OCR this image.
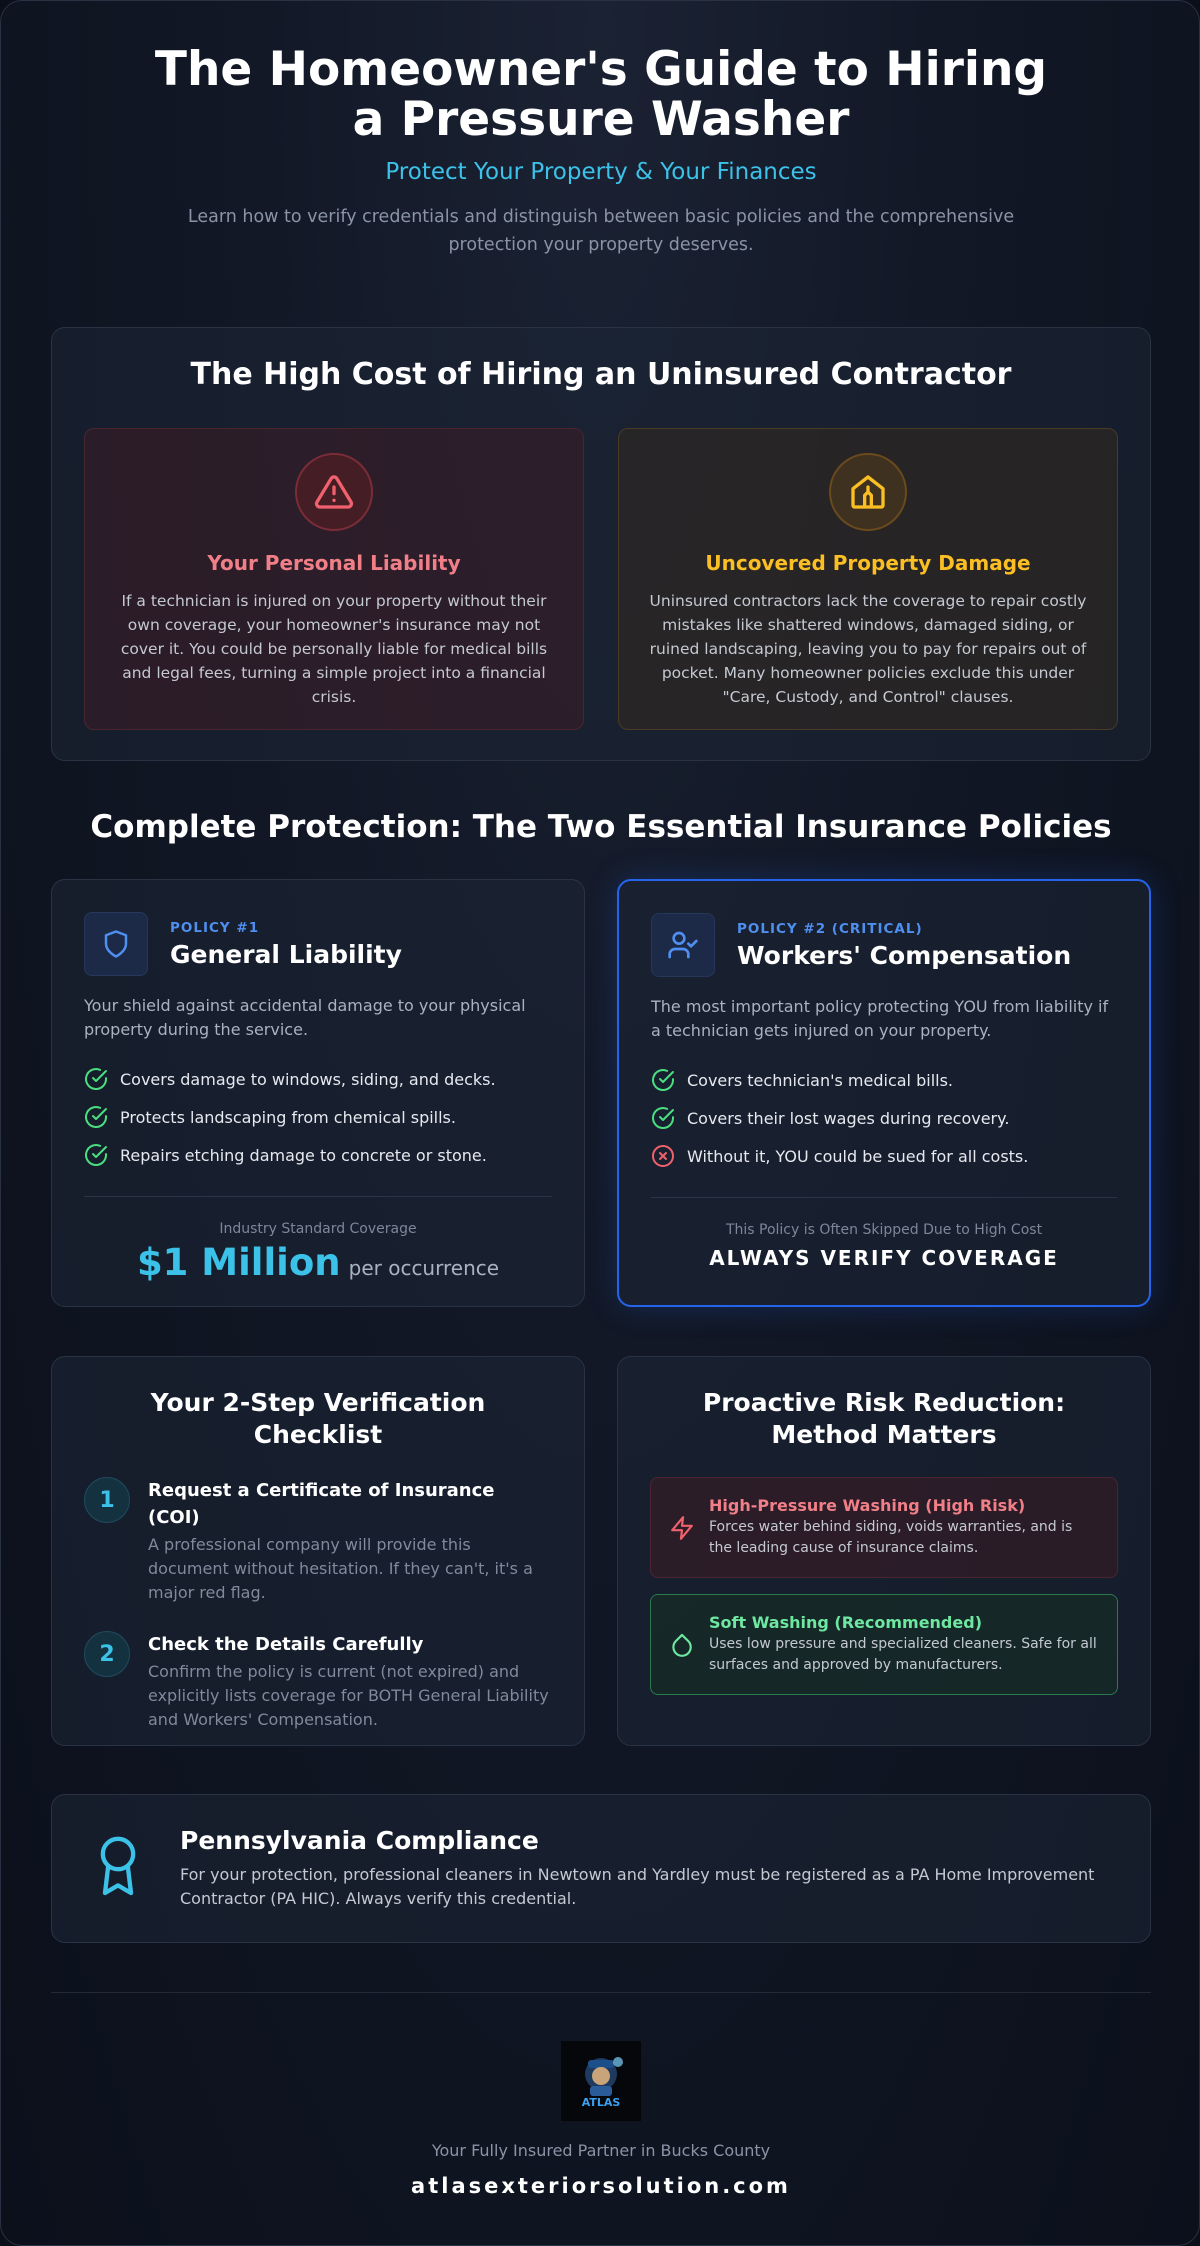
The Homeowner's Guide to Hiring a Pressure Washer
Protect Your Property & Your Finances
Learn how to verify credentials and distinguish between basic policies and the comprehensive protection your property deserves.
The High Cost of Hiring an Uninsured Contractor
Your Personal Liability

If a technician is injured on your property without their own coverage, your homeowner's insurance may not cover it. You could be personally liable for medical bills and legal fees, turning a simple project into a financial crisis.

Uncovered Property Damage

Uninsured contractors lack the coverage to repair costly mistakes like shattered windows, damaged siding, or ruined landscaping, leaving you to pay for repairs out of pocket. Many homeowner policies exclude this under "Care, Custody, and Control" clauses.

Complete Protection: The Two Essential Insurance Policies
POLICY #1
General Liability
Your shield against accidental damage to your physical property during the service.
Covers damage to windows, siding, and decks.
Protects landscaping from chemical spills.
Repairs etching damage to concrete or stone.
Industry Standard Coverage
$1 Million per occurrence
POLICY #2 (CRITICAL)
Workers' Compensation
The most important policy protecting YOU from liability if a technician gets injured on your property.
Covers technician's medical bills.
Covers their lost wages during recovery.
Without it, YOU could be sued for all costs.
This Policy is Often Skipped Due to High Cost
ALWAYS VERIFY COVERAGE
Your 2-Step Verification Checklist
1	Request a Certificate of Insurance (COI)

A professional company will provide this document without hesitation. If they can't, it's a major red flag.

2	Check the Details Carefully

Confirm the policy is current (not expired) and explicitly lists coverage for BOTH General Liability and Workers' Compensation.

Proactive Risk Reduction: Method Matters
High-Pressure Washing (High Risk)

Forces water behind siding, voids warranties, and is the leading cause of insurance claims.

Soft Washing (Recommended)

Uses low pressure and specialized cleaners. Safe for all surfaces and approved by manufacturers.

Pennsylvania Compliance

For your protection, professional cleaners in Newtown and Yardley must be registered as a PA Home Improvement Contractor (PA HIC). Always verify this credential.

ATLAS
Your Fully Insured Partner in Bucks County
atlasexteriorsolution.com
